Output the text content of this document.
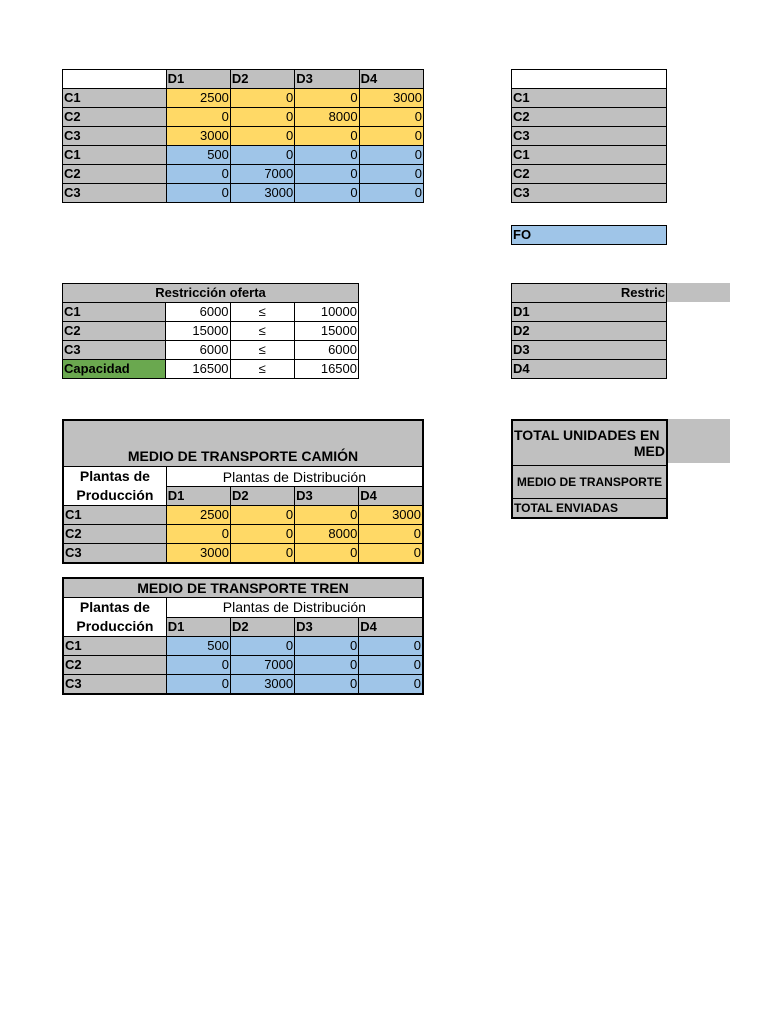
	D1	D2	D3	D4
C1	2500	0	0	3000
C2	0	0	8000	0
C3	3000	0	0	0
C1	500	0	0	0
C2	0	7000	0	0
C3	0	3000	0	0

C1
C2
C3
C1
C2
C3
FO
Restricción oferta			
C1	6000	≤	10000
C2	15000	≤	15000
C3	6000	≤	6000
Capacidad	16500	≤	16500
Restric
D1
D2
D3
D4
MEDIO DE TRANSPORTE CAMIÓN				
Plantas de Producción	Plantas de Distribución			
	D1	D2	D3	D4
C1	2500	0	0	3000
C2	0	0	8000	0
C3	3000	0	0	0
MEDIO DE TRANSPORTE TREN				
Plantas de Producción	Plantas de Distribución			
	D1	D2	D3	D4
C1	500	0	0	0
C2	0	7000	0	0
C3	0	3000	0	0
TOTAL UNIDADES EN
MED

MEDIO DE TRANSPORTE
TOTAL ENVIADAS
